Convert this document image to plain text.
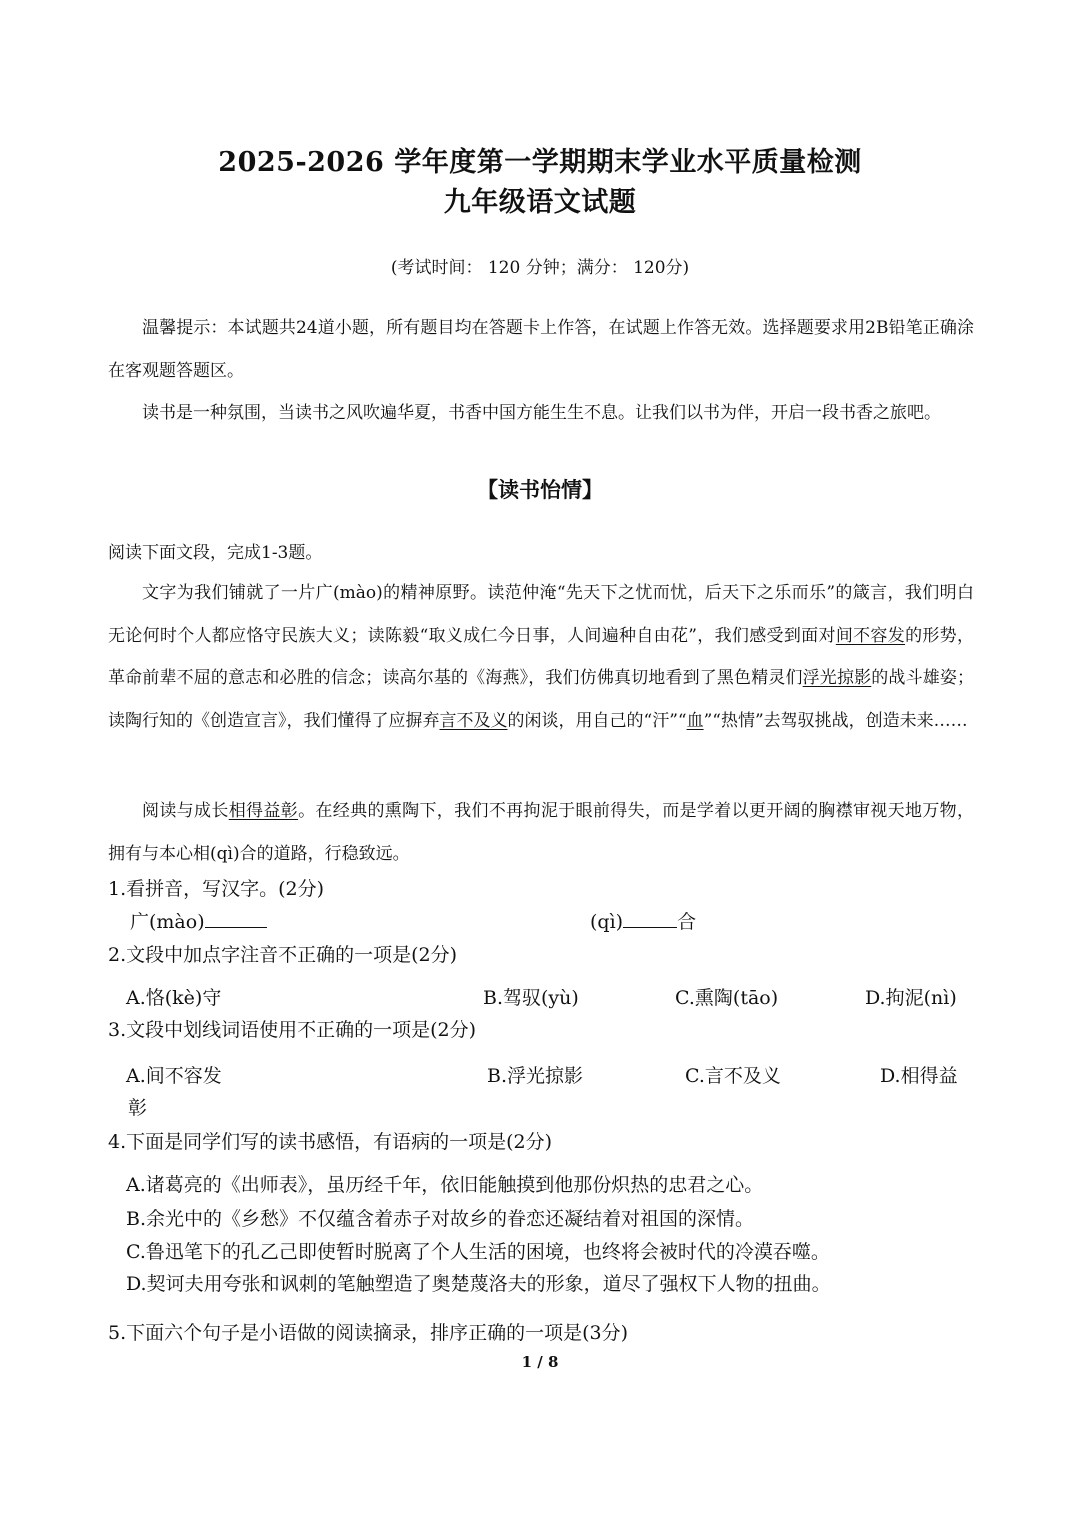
2025-2026 学年度第一学期期末学业水平质量检测
九年级语文试题
(考试时间： 120 分钟；满分： 120分)
温馨提示：本试题共24道小题，所有题目均在答题卡上作答，在试题上作答无效。选择题要求用2B铅笔正确涂在客观题答题区。
读书是一种氛围，当读书之风吹遍华夏，书香中国方能生生不息。让我们以书为伴，开启一段书香之旅吧。
【读书怡情】
阅读下面文段，完成1-3题。
文字为我们铺就了一片广(mào)的精神原野。读范仲淹“先天下之忧而忧，后天下之乐而乐”的箴言，我们明白无论何时个人都应恪守民族大义；读陈毅“取义成仁今日事，人间遍种自由花”，我们感受到面对间不容发的形势，革命前辈不屈的意志和必胜的信念；读高尔基的《海燕》，我们仿佛真切地看到了黑色精灵们浮光掠影的战斗雄姿；读陶行知的《创造宣言》，我们懂得了应摒弃言不及义的闲谈，用自己的“汗”“血”“热情”去驾驭挑战，创造未来……
阅读与成长相得益彰。在经典的熏陶下，我们不再拘泥于眼前得失，而是学着以更开阔的胸襟审视天地万物，拥有与本心相(qì)合的道路，行稳致远。
1.看拼音，写汉字。(2分)
广(mào)	(qì)	合
2.文段中加点字注音不正确的一项是(2分)
A.恪(kè)守	B.驾驭(yù)	C.熏陶(tāo)	D.拘泥(nì)
3.文段中划线词语使用不正确的一项是(2分)
A.间不容发	B.浮光掠影	C.言不及义	D.相得益
彰
4.下面是同学们写的读书感悟，有语病的一项是(2分)
A.诸葛亮的《出师表》，虽历经千年，依旧能触摸到他那份炽热的忠君之心。
B.余光中的《乡愁》不仅蕴含着赤子对故乡的眷恋还凝结着对祖国的深情。
C.鲁迅笔下的孔乙己即使暂时脱离了个人生活的困境，也终将会被时代的冷漠吞噬。
D.契诃夫用夸张和讽刺的笔触塑造了奥楚蔑洛夫的形象，道尽了强权下人物的扭曲。
5.下面六个句子是小语做的阅读摘录，排序正确的一项是(3分)
1 / 8
